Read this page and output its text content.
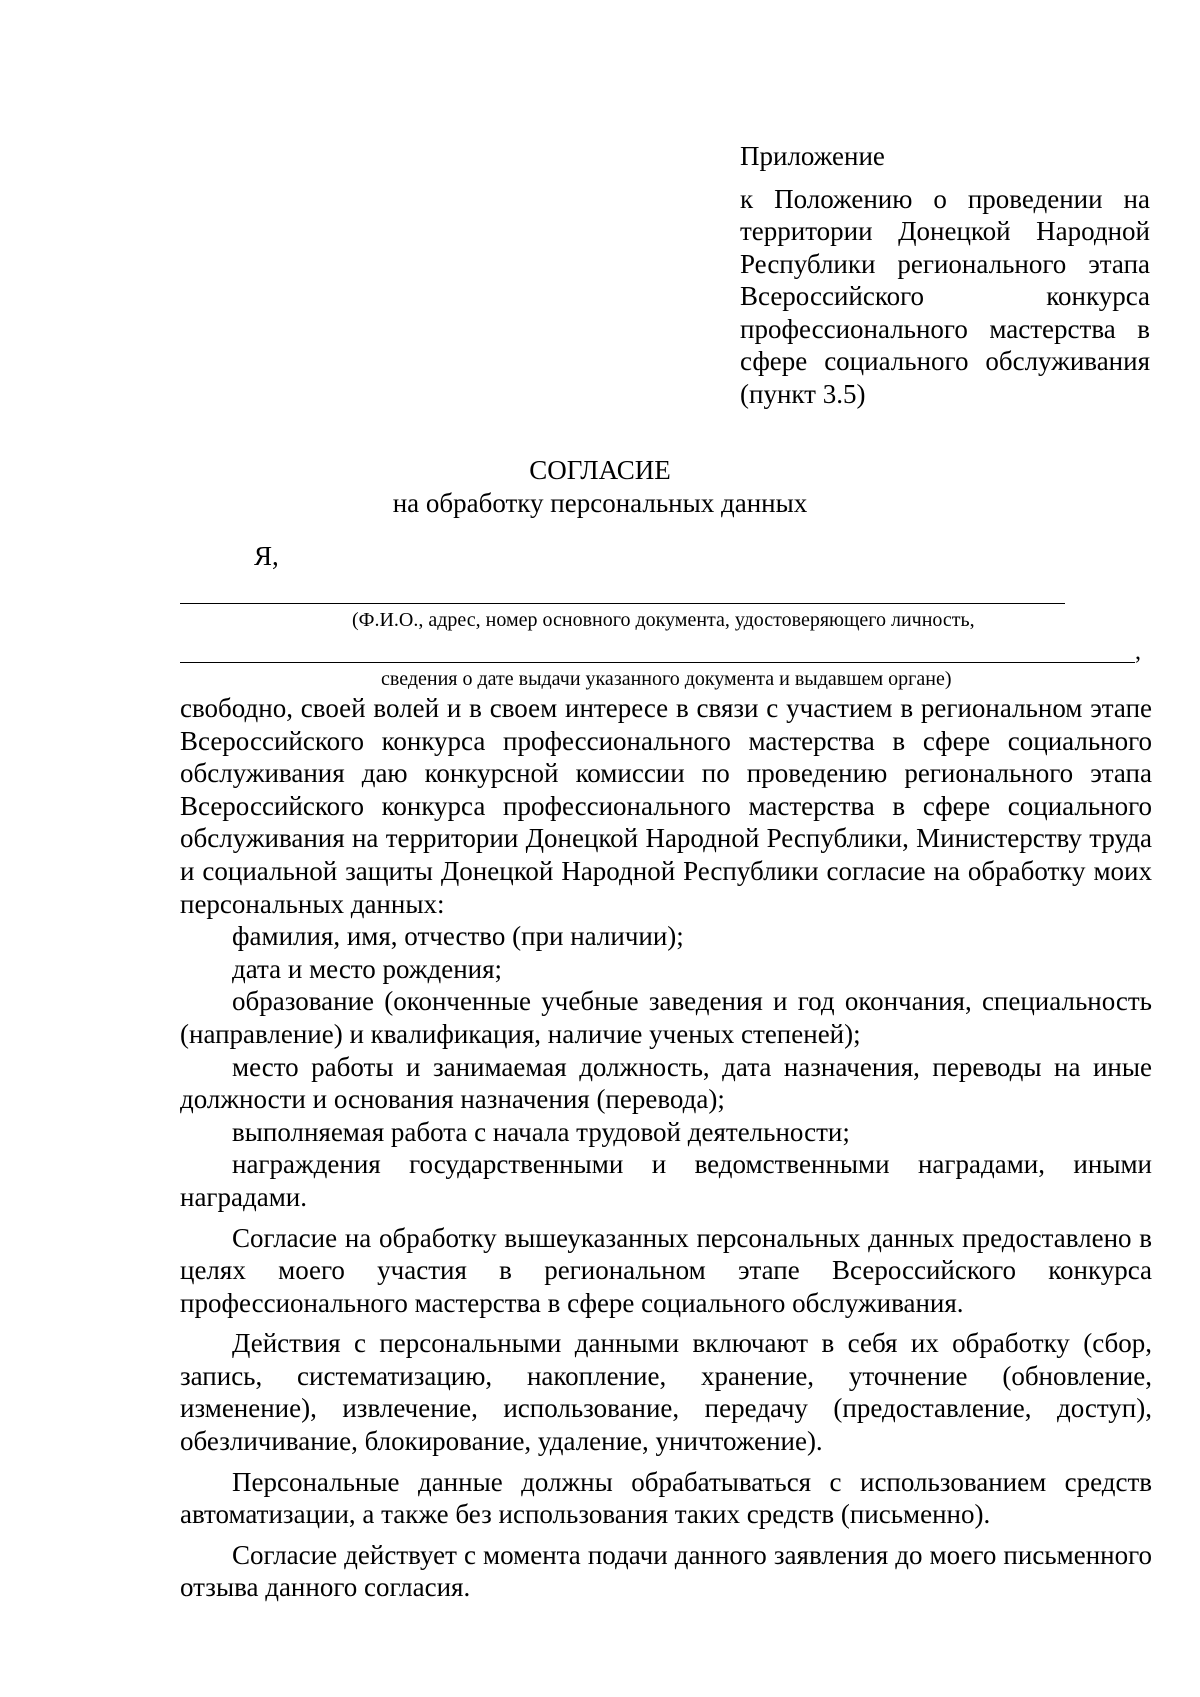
Приложение

к Положению о проведении на территории Донецкой Народной Республики регионального этапа Всероссийского конкурса профессионального мастерства в сфере социального обслуживания (пункт 3.5)

СОГЛАСИЕ
на обработку персональных данных
Я,
(Ф.И.О., адрес, номер основного документа, удостоверяющего личность,
,
сведения о дате выдачи указанного документа и выдавшем органе)

свободно, своей волей и в своем интересе в связи с участием в региональном этапе Всероссийского конкурса профессионального мастерства в сфере социального обслуживания даю конкурсной комиссии по проведению регионального этапа Всероссийского конкурса профессионального мастерства в сфере социального обслуживания на территории Донецкой Народной Республики, Министерству труда и социальной защиты Донецкой Народной Республики согласие на обработку моих персональных данных:

фамилия, имя, отчество (при наличии);

дата и место рождения;

образование (оконченные учебные заведения и год окончания, специальность (направление) и квалификация, наличие ученых степеней);

место работы и занимаемая должность, дата назначения, переводы на иные должности и основания назначения (перевода);

выполняемая работа с начала трудовой деятельности;

награждения государственными и ведомственными наградами, иными наградами.

Согласие на обработку вышеуказанных персональных данных предоставлено в целях моего участия в региональном этапе Всероссийского конкурса профессионального мастерства в сфере социального обслуживания.

Действия с персональными данными включают в себя их обработку (сбор, запись, систематизацию, накопление, хранение, уточнение (обновление, изменение), извлечение, использование, передачу (предоставление, доступ), обезличивание, блокирование, удаление, уничтожение).

Персональные данные должны обрабатываться с использованием средств автоматизации, а также без использования таких средств (письменно).

Согласие действует с момента подачи данного заявления до моего письменного отзыва данного согласия.
